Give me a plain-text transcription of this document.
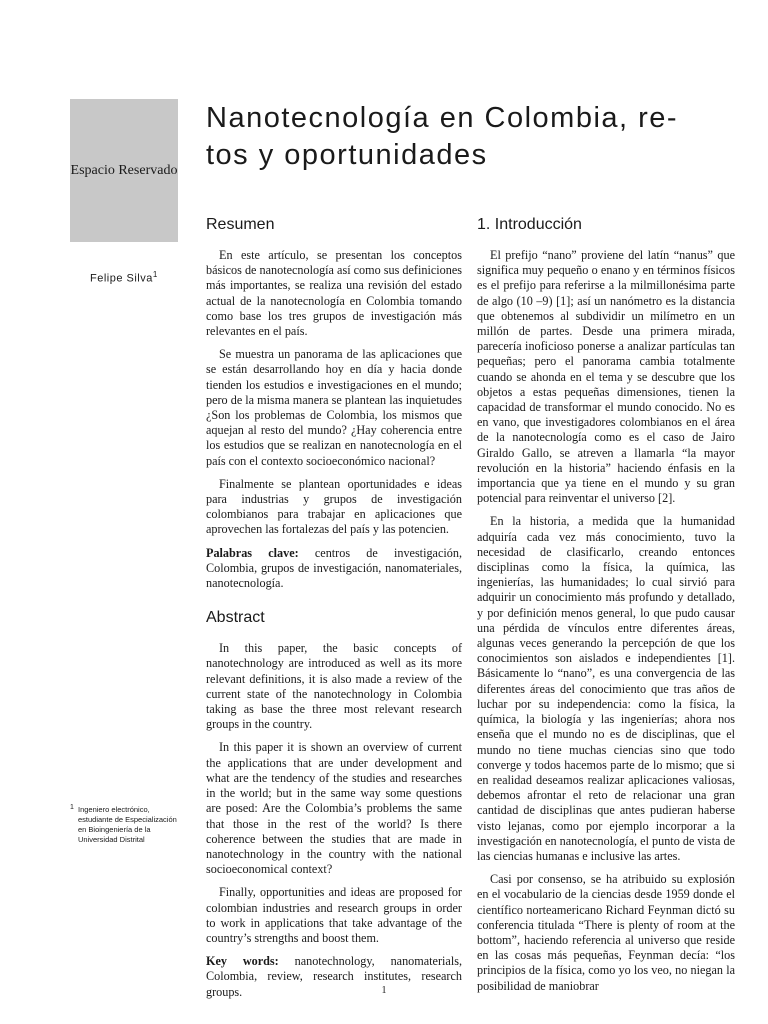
Espacio Reservado
Nanotecnología en Colombia, re-tos y oportunidades
Felipe Silva$^1$
1 Ingeniero electrónico, estudiante de Especialización en Bioingeniería de la Universidad Distrital
Resumen

En este artículo, se presentan los conceptos básicos de nanotecnología así como sus definiciones más importantes, se realiza una revisión del estado actual de la nanotecnología en Colombia tomando como base los tres grupos de investigación más relevantes en el país.

Se muestra un panorama de las aplicaciones que se están desarrollando hoy en día y hacia donde tienden los estudios e investigaciones en el mundo; pero de la misma manera se plantean las inquietudes ¿Son los problemas de Colombia, los mismos que aquejan al resto del mundo? ¿Hay coherencia entre los estudios que se realizan en nanotecnología en el país con el contexto socioeconómico nacional?

Finalmente se plantean oportunidades e ideas para industrias y grupos de investigación colombianos para trabajar en aplicaciones que aprovechen las fortalezas del país y las potencien.

Palabras clave: centros de investigación, Colombia, grupos de investigación, nanomateriales, nanotecnología.

Abstract

In this paper, the basic concepts of nanotechnology are introduced as well as its more relevant definitions, it is also made a review of the current state of the nanotechnology in Colombia taking as base the three most relevant research groups in the country.

In this paper it is shown an overview of current the applications that are under development and what are the tendency of the studies and researches in the world; but in the same way some questions are posed: Are the Colombia’s problems the same that those in the rest of the world? Is there coherence between the studies that are made in nanotechnology in the country with the national socioeconomical context?

Finally, opportunities and ideas are proposed for colombian industries and research groups in order to work in applications that take advantage of the country’s strengths and boost them.

Key words: nanotechnology, nanomaterials, Colombia, review, research institutes, research groups.

1. Introducción

El prefijo “nano” proviene del latín “nanus” que significa muy pequeño o enano y en términos físicos es el prefijo para referirse a la milmillonésima parte de algo (10 –9) [1]; así un nanómetro es la distancia que obtenemos al subdividir un milímetro en un millón de partes. Desde una primera mirada, parecería inoficioso ponerse a analizar partículas tan pequeñas; pero el panorama cambia totalmente cuando se ahonda en el tema y se descubre que los objetos a estas pequeñas dimensiones, tienen la capacidad de transformar el mundo conocido. No es en vano, que investigadores colombianos en el área de la nanotecnología como es el caso de Jairo Giraldo Gallo, se atreven a llamarla “la mayor revolución en la historia” haciendo énfasis en la importancia que ya tiene en el mundo y su gran potencial para reinventar el universo [2].

En la historia, a medida que la humanidad adquiría cada vez más conocimiento, tuvo la necesidad de clasificarlo, creando entonces disciplinas como la física, la química, las ingenierías, las humanidades; lo cual sirvió para adquirir un conocimiento más profundo y detallado, y por definición menos general, lo que pudo causar una pérdida de vínculos entre diferentes áreas, algunas veces generando la percepción de que los conocimientos son aislados e independientes [1]. Básicamente lo “nano”, es una convergencia de las diferentes áreas del conocimiento que tras años de luchar por su independencia: como la física, la química, la biología y las ingenierías; ahora nos enseña que el mundo no es de disciplinas, que el mundo no tiene muchas ciencias sino que todo converge y todos hacemos parte de lo mismo; que si en realidad deseamos realizar aplicaciones valiosas, debemos afrontar el reto de relacionar una gran cantidad de disciplinas que antes pudieran haberse visto lejanas, como por ejemplo incorporar a la investigación en nanotecnología, el punto de vista de las ciencias humanas e inclusive las artes.

Casi por consenso, se ha atribuido su explosión en el vocabulario de la ciencias desde 1959 donde el científico norteamericano Richard Feynman dictó su conferencia titulada “There is plenty of room at the bottom”, haciendo referencia al universo que reside en las cosas más pequeñas, Feynman decía: “los principios de la física, como yo los veo, no niegan la posibilidad de maniobrar

1
